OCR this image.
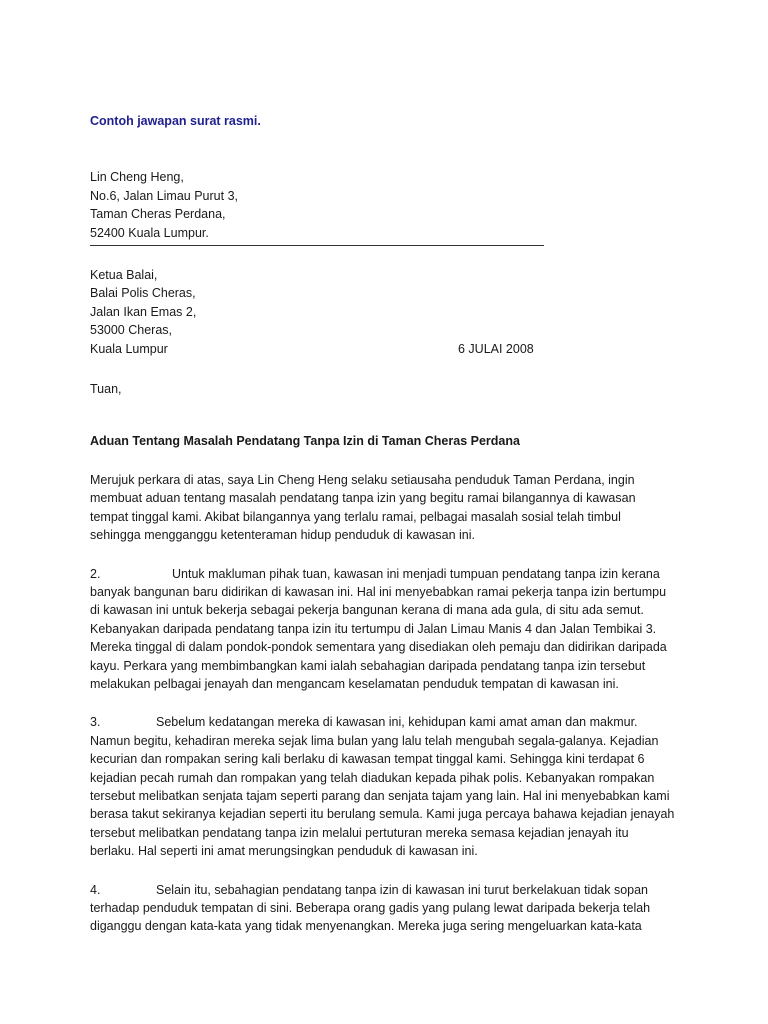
Contoh jawapan surat rasmi.
Lin Cheng Heng,
No.6, Jalan Limau Purut 3,
Taman Cheras Perdana,
52400 Kuala Lumpur.
Ketua Balai,
Balai Polis Cheras,
Jalan Ikan Emas 2,
53000 Cheras,
Kuala Lumpur	6 JULAI 2008
Tuan,
Aduan Tentang Masalah Pendatang Tanpa Izin di Taman Cheras Perdana
Merujuk perkara di atas, saya Lin Cheng Heng selaku setiausaha penduduk Taman Perdana, ingin
membuat aduan tentang masalah pendatang tanpa izin yang begitu ramai bilangannya di kawasan
tempat tinggal kami. Akibat bilangannya yang terlalu ramai, pelbagai masalah sosial telah timbul
sehingga mengganggu ketenteraman hidup penduduk di kawasan ini.
2.	Untuk makluman pihak tuan, kawasan ini menjadi tumpuan pendatang tanpa izin kerana
banyak bangunan baru didirikan di kawasan ini. Hal ini menyebabkan ramai pekerja tanpa izin bertumpu
di kawasan ini untuk bekerja sebagai pekerja bangunan kerana di mana ada gula, di situ ada semut.
Kebanyakan daripada pendatang tanpa izin itu tertumpu di Jalan Limau Manis 4 dan Jalan Tembikai 3.
Mereka tinggal di dalam pondok-pondok sementara yang disediakan oleh pemaju dan didirikan daripada
kayu. Perkara yang membimbangkan kami ialah sebahagian daripada pendatang tanpa izin tersebut
melakukan pelbagai jenayah dan mengancam keselamatan penduduk tempatan di kawasan ini.
3.	Sebelum kedatangan mereka di kawasan ini, kehidupan kami amat aman dan makmur.
Namun begitu, kehadiran mereka sejak lima bulan yang lalu telah mengubah segala-galanya. Kejadian
kecurian dan rompakan sering kali berlaku di kawasan tempat tinggal kami. Sehingga kini terdapat 6
kejadian pecah rumah dan rompakan yang telah diadukan kepada pihak polis. Kebanyakan rompakan
tersebut melibatkan senjata tajam seperti parang dan senjata tajam yang lain. Hal ini menyebabkan kami
berasa takut sekiranya kejadian seperti itu berulang semula. Kami juga percaya bahawa kejadian jenayah
tersebut melibatkan pendatang tanpa izin melalui pertuturan mereka semasa kejadian jenayah itu
berlaku. Hal seperti ini amat merungsingkan penduduk di kawasan ini.
4.	Selain itu, sebahagian pendatang tanpa izin di kawasan ini turut berkelakuan tidak sopan
terhadap penduduk tempatan di sini. Beberapa orang gadis yang pulang lewat daripada bekerja telah
diganggu dengan kata-kata yang tidak menyenangkan. Mereka juga sering mengeluarkan kata-kata
